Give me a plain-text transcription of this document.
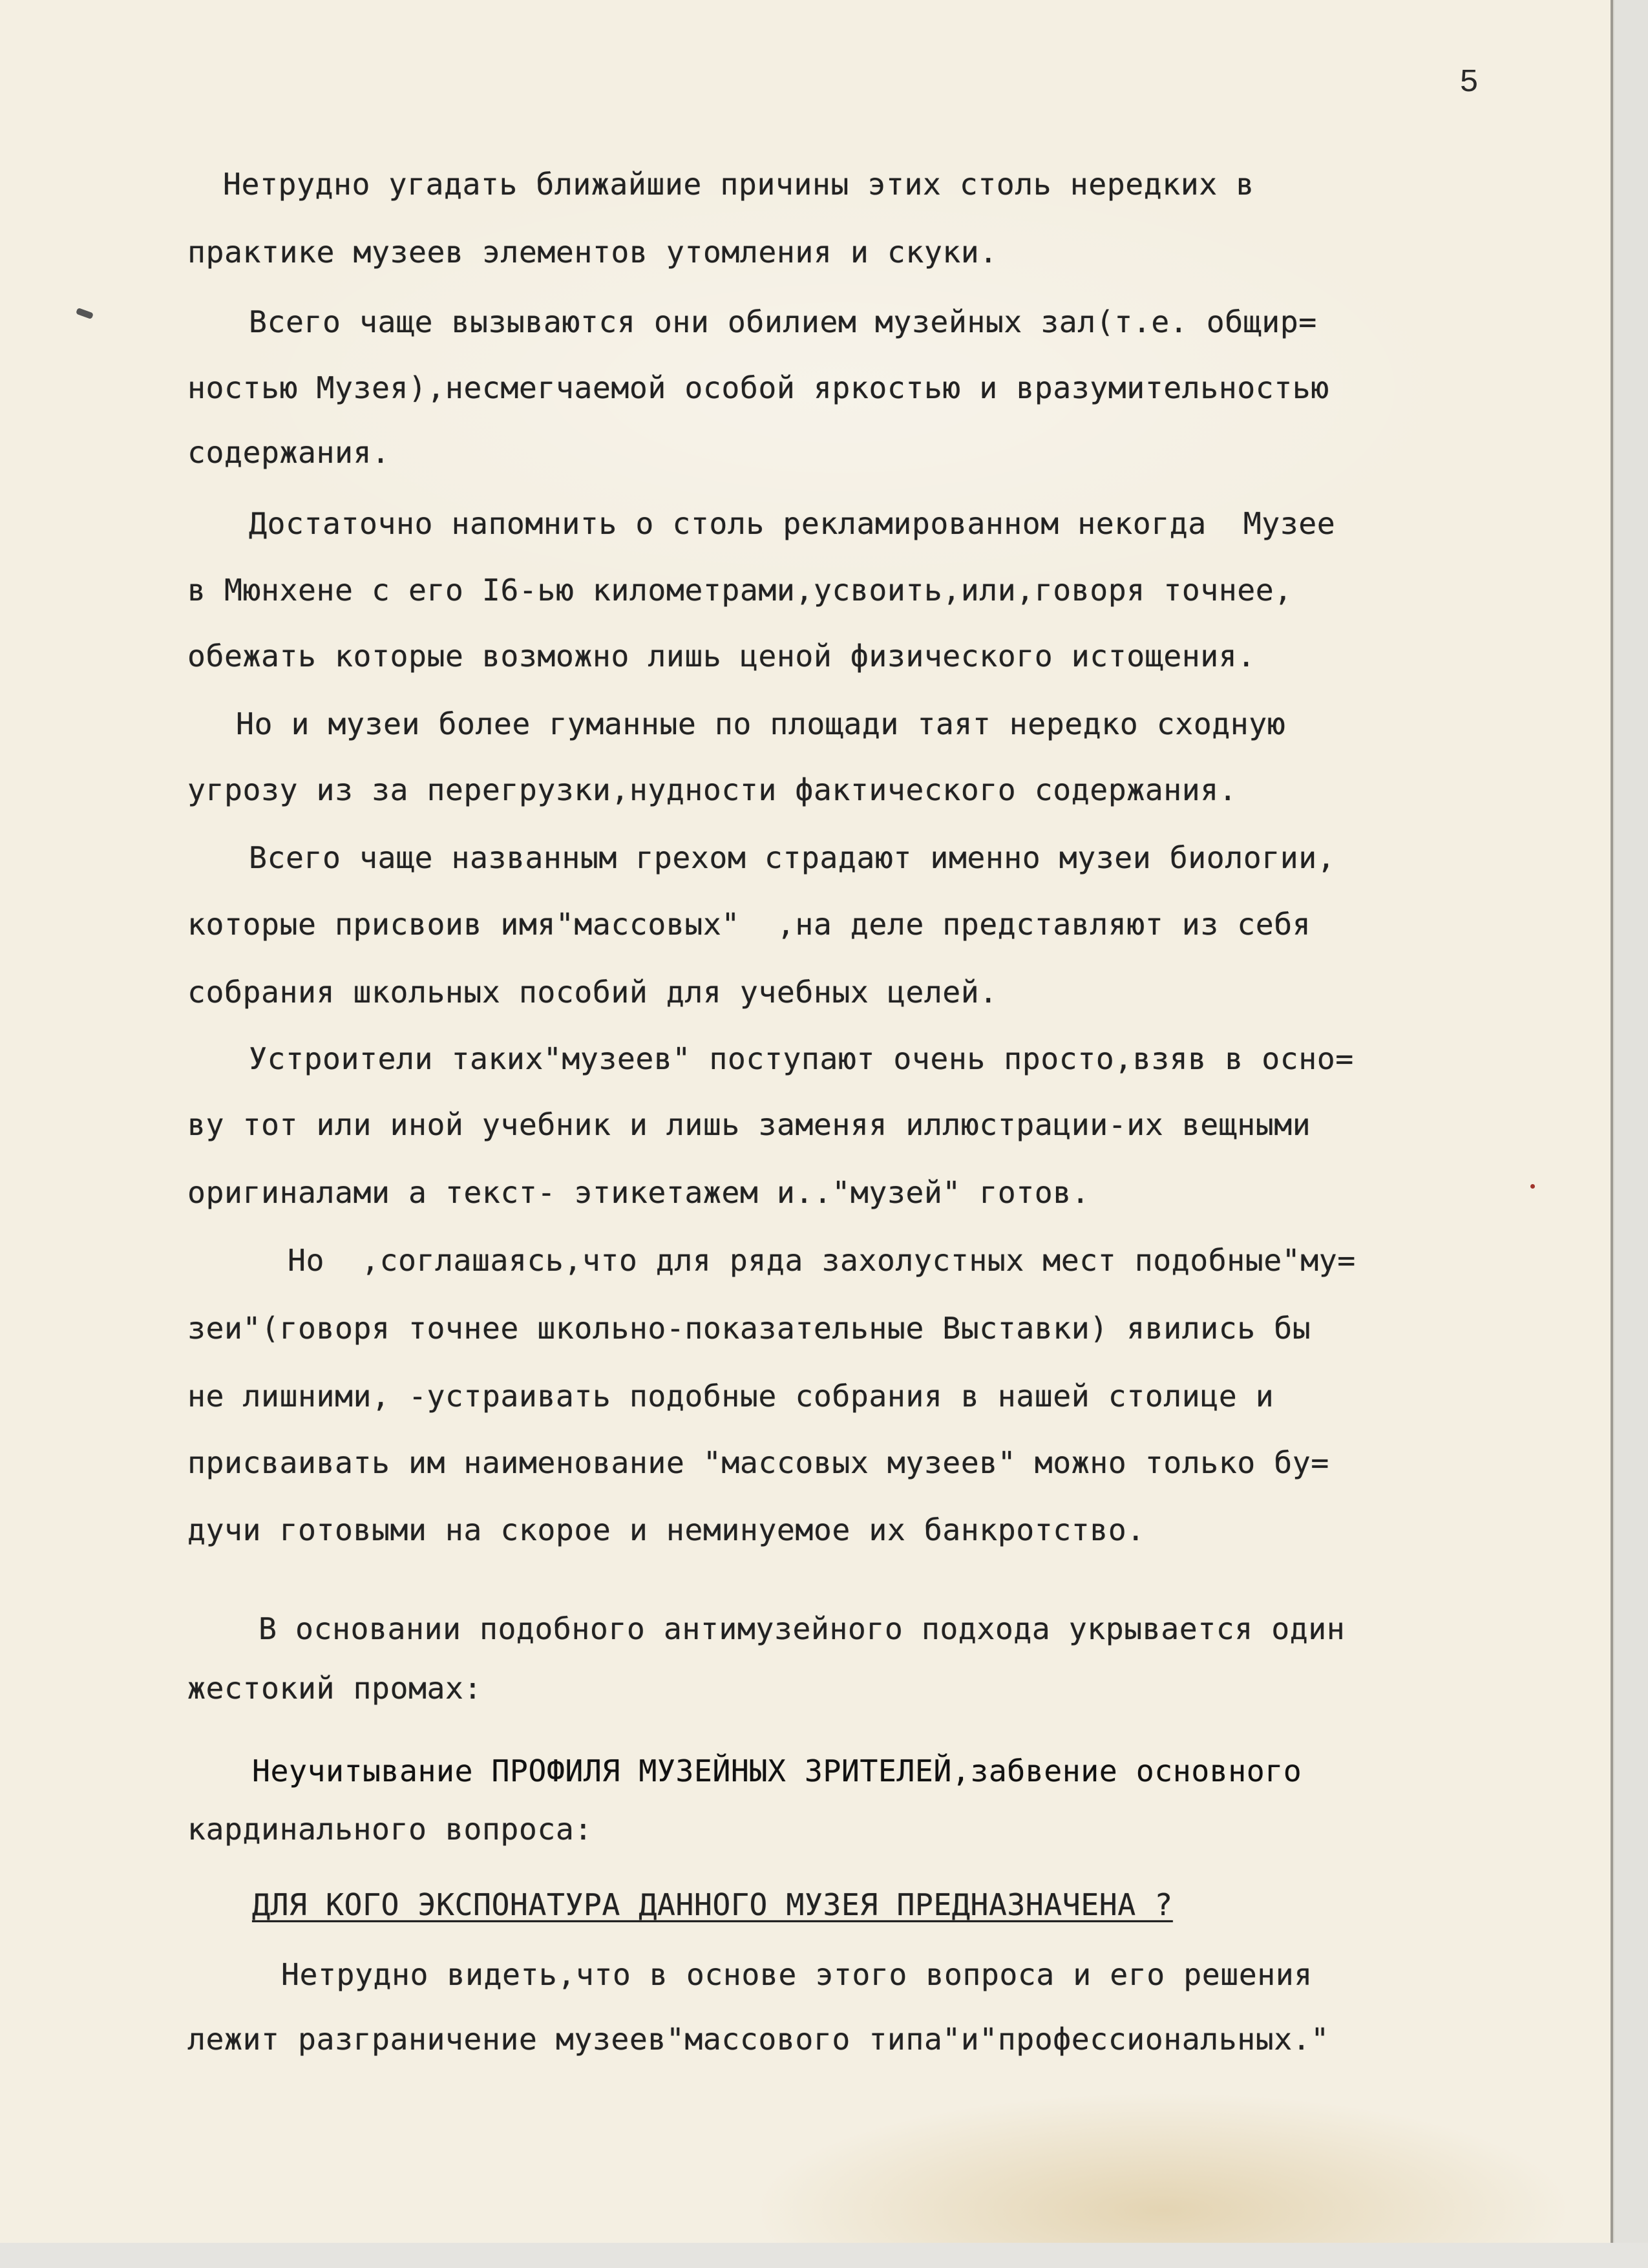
5
Нетрудно угадать ближайшие причины этих столь нередких в
практике музеев элементов утомления и скуки.
Всего чаще вызываются они обилием музейных зал(т.е. общир=
ностью Музея),несмегчаемой особой яркостью и вразумительностью
содержания.
Достаточно напомнить о столь рекламированном некогда  Музее
в Мюнхене с его I6-ью километрами,усвоить,или,говоря точнее,
обежать которые возможно лишь ценой физического истощения.
Но и музеи более гуманные по площади таят нередко сходную
угрозу из за перегрузки,нудности фактического содержания.
Всего чаще названным грехом страдают именно музеи биологии,
которые присвоив имя"массовых"  ,на деле представляют из себя
собрания школьных пособий для учебных целей.
Устроители таких"музеев" поступают очень просто,взяв в осно=
ву тот или иной учебник и лишь заменяя иллюстрации-их вещными
оригиналами а текст- этикетажем и.."музей" готов.
Но  ,соглашаясь,что для ряда захолустных мест подобные"му=
зеи"(говоря точнее школьно-показательные Выставки) явились бы
не лишними, -устраивать подобные собрания в нашей столице и
присваивать им наименование "массовых музеев" можно только бу=
дучи готовыми на скорое и неминуемое их банкротство.
В основании подобного антимузейного подхода укрывается один
жестокий промах:
Неучитывание ПРОФИЛЯ МУЗЕЙНЫХ ЗРИТЕЛЕЙ,забвение основного
кардинального вопроса:
ДЛЯ КОГО ЭКСПОНАТУРА ДАННОГО МУЗЕЯ ПРЕДНАЗНАЧЕНА ?
Нетрудно видеть,что в основе этого вопроса и его решения
лежит разграничение музеев"массового типа"и"профессиональных."
